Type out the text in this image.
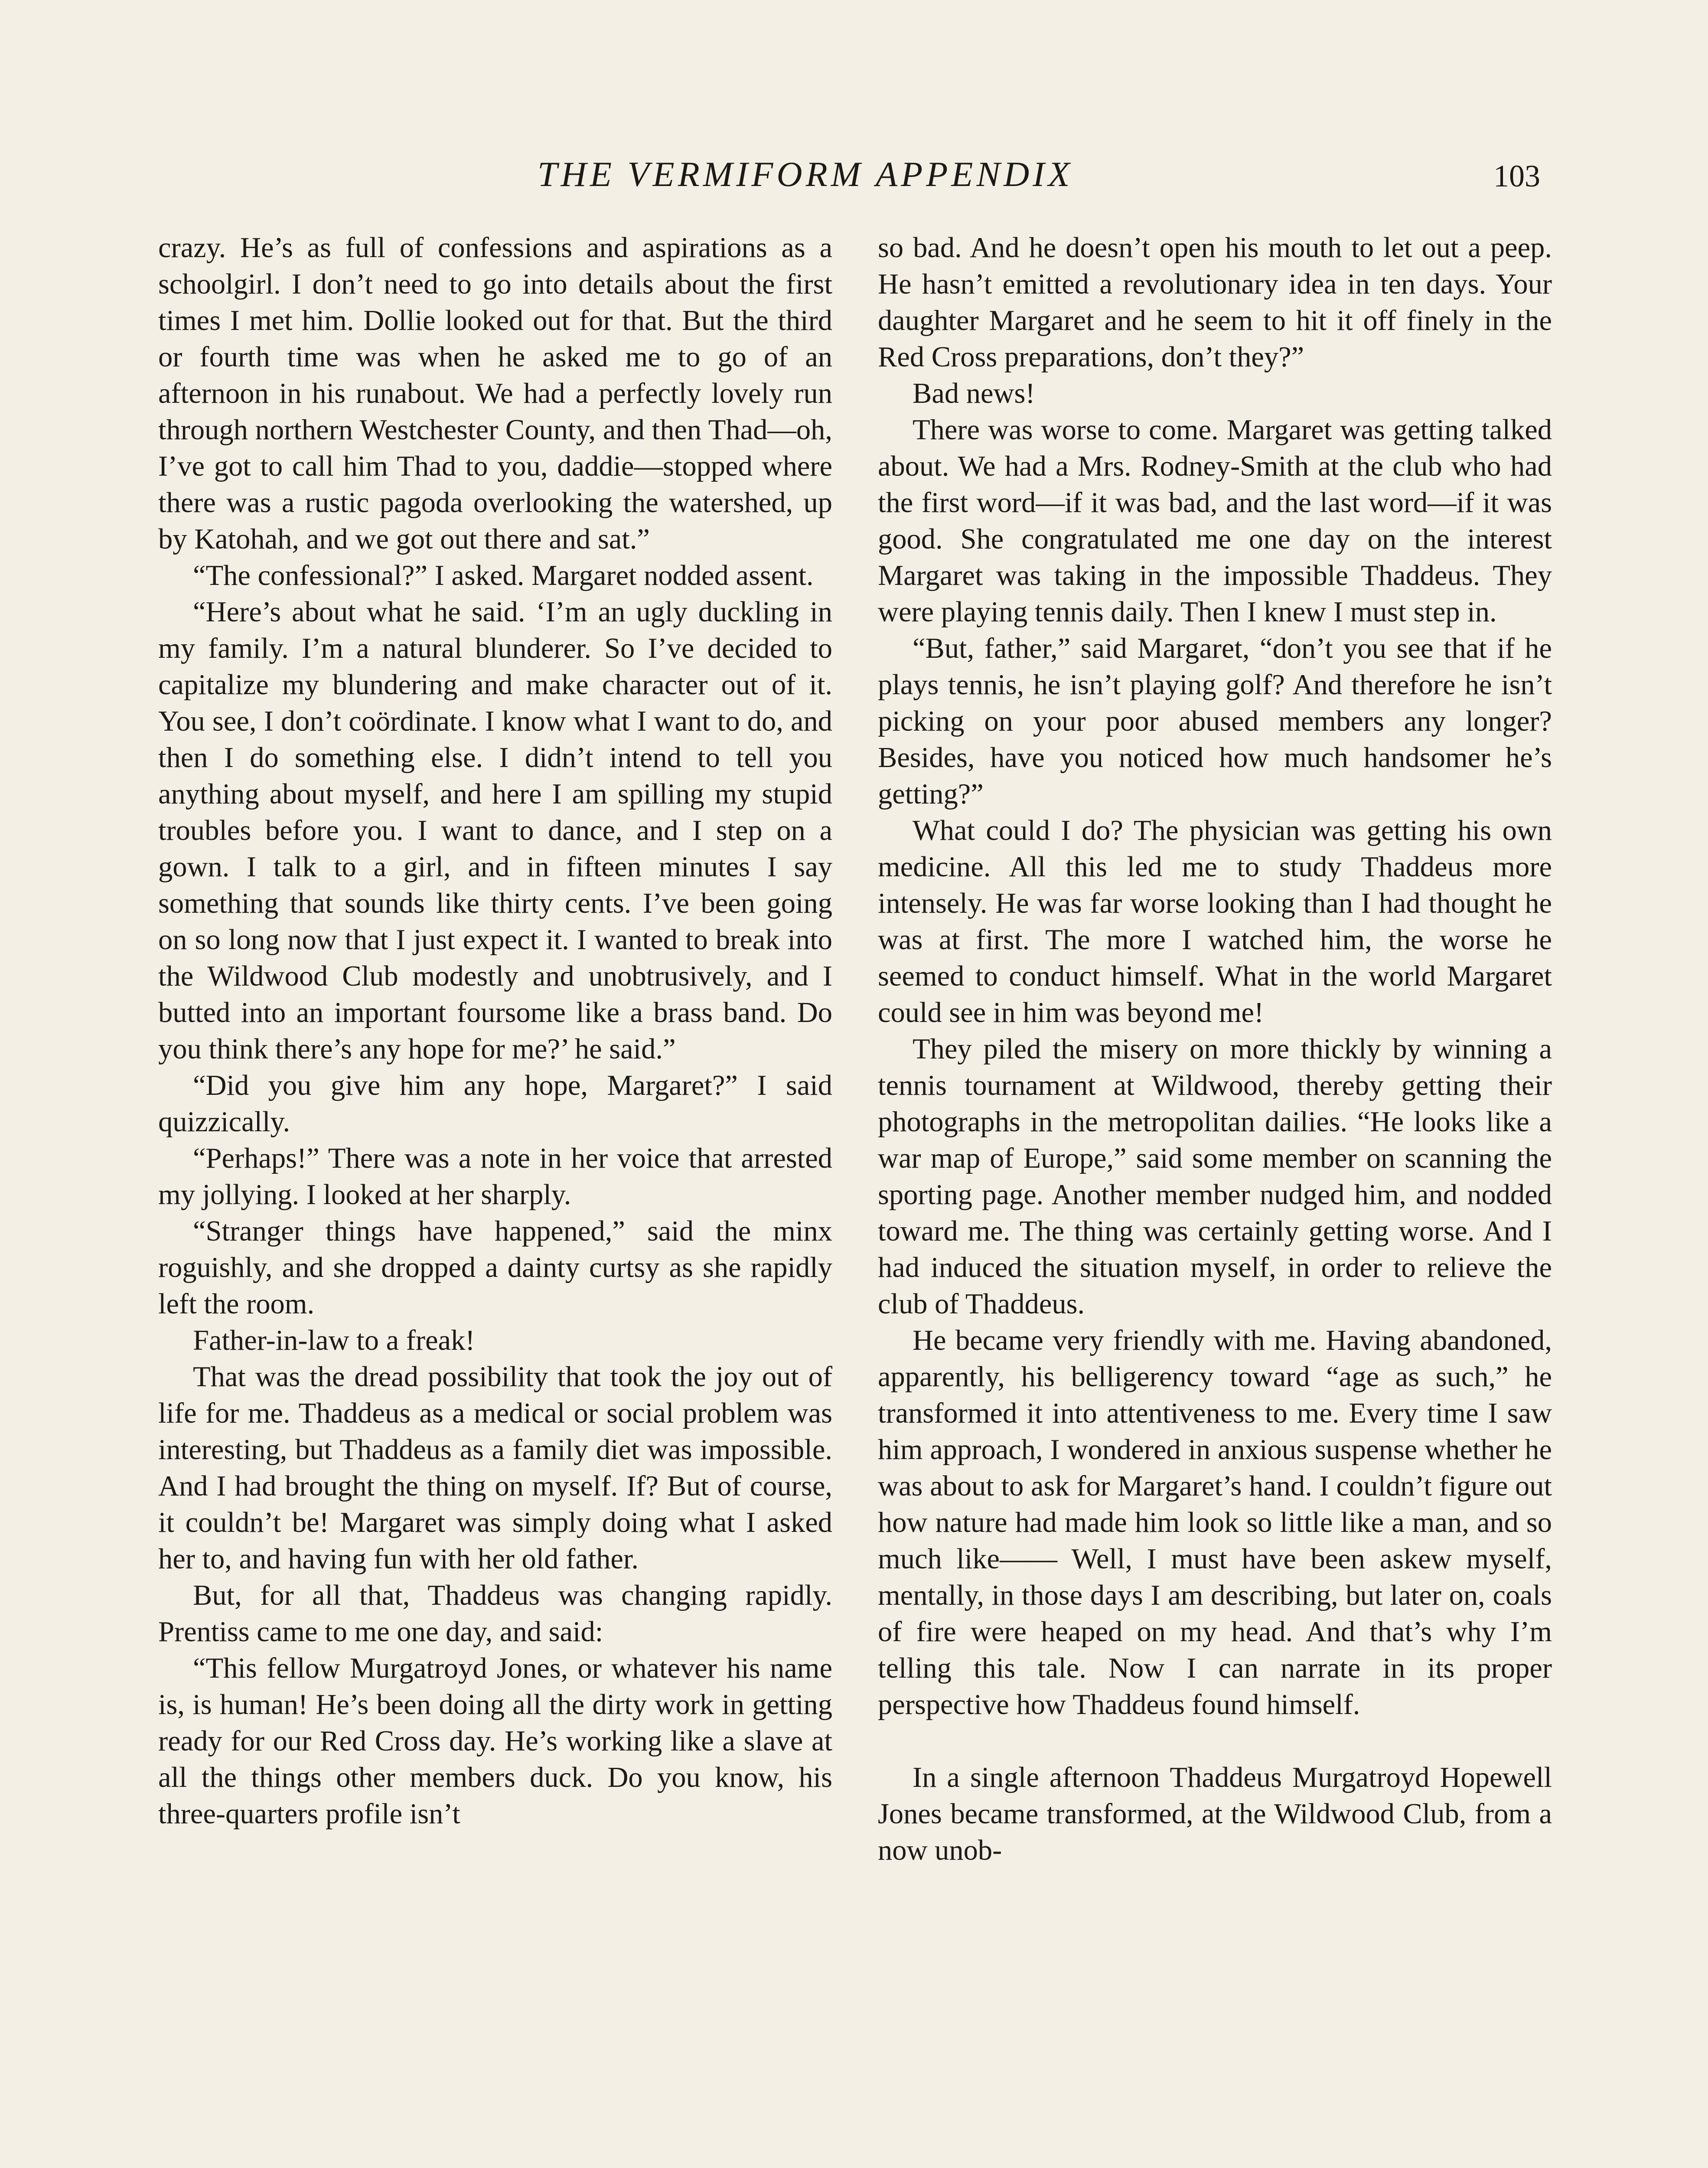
THE VERMIFORM APPENDIX	103

crazy. He’s as full of confessions and aspirations as a schoolgirl. I don’t need to go into details about the first times I met him. Dollie looked out for that. But the third or fourth time was when he asked me to go of an afternoon in his runabout. We had a perfectly lovely run through northern Westchester County, and then Thad—oh, I’ve got to call him Thad to you, daddie—stopped where there was a rustic pagoda overlooking the watershed, up by Katohah, and we got out there and sat.”

“The confessional?” I asked. Margaret nodded assent.

“Here’s about what he said. ‘I’m an ugly duckling in my family. I’m a natural blunderer. So I’ve decided to capitalize my blundering and make character out of it. You see, I don’t coördinate. I know what I want to do, and then I do something else. I didn’t intend to tell you anything about myself, and here I am spilling my stupid troubles before you. I want to dance, and I step on a gown. I talk to a girl, and in fifteen minutes I say something that sounds like thirty cents. I’ve been going on so long now that I just expect it. I wanted to break into the Wildwood Club modestly and unobtrusively, and I butted into an important foursome like a brass band. Do you think there’s any hope for me?’ he said.”

“Did you give him any hope, Margaret?” I said quizzically.

“Perhaps!” There was a note in her voice that arrested my jollying. I looked at her sharply.

“Stranger things have happened,” said the minx roguishly, and she dropped a dainty curtsy as she rapidly left the room.

Father-in-law to a freak!

That was the dread possibility that took the joy out of life for me. Thaddeus as a medical or social problem was interesting, but Thaddeus as a family diet was impossible. And I had brought the thing on myself. If? But of course, it couldn’t be! Margaret was simply doing what I asked her to, and having fun with her old father.

But, for all that, Thaddeus was changing rapidly. Prentiss came to me one day, and said:

“This fellow Murgatroyd Jones, or whatever his name is, is human! He’s been doing all the dirty work in getting ready for our Red Cross day. He’s working like a slave at all the things other members duck. Do you know, his three-quarters profile isn’t

so bad. And he doesn’t open his mouth to let out a peep. He hasn’t emitted a revolutionary idea in ten days. Your daughter Margaret and he seem to hit it off finely in the Red Cross preparations, don’t they?”

Bad news!

There was worse to come. Margaret was getting talked about. We had a Mrs. Rodney-Smith at the club who had the first word—if it was bad, and the last word—if it was good. She congratulated me one day on the interest Margaret was taking in the impossible Thaddeus. They were playing tennis daily. Then I knew I must step in.

“But, father,” said Margaret, “don’t you see that if he plays tennis, he isn’t playing golf? And therefore he isn’t picking on your poor abused members any longer? Besides, have you noticed how much handsomer he’s getting?”

What could I do? The physician was getting his own medicine. All this led me to study Thaddeus more intensely. He was far worse looking than I had thought he was at first. The more I watched him, the worse he seemed to conduct himself. What in the world Margaret could see in him was beyond me!

They piled the misery on more thickly by winning a tennis tournament at Wildwood, thereby getting their photographs in the metropolitan dailies. “He looks like a war map of Europe,” said some member on scanning the sporting page. Another member nudged him, and nodded toward me. The thing was certainly getting worse. And I had induced the situation myself, in order to relieve the club of Thaddeus.

He became very friendly with me. Having abandoned, apparently, his belligerency toward “age as such,” he transformed it into attentiveness to me. Every time I saw him approach, I wondered in anxious suspense whether he was about to ask for Margaret’s hand. I couldn’t figure out how nature had made him look so little like a man, and so much like—— Well, I must have been askew myself, mentally, in those days I am describing, but later on, coals of fire were heaped on my head. And that’s why I’m telling this tale. Now I can narrate in its proper perspective how Thaddeus found himself.

In a single afternoon Thaddeus Murgatroyd Hopewell Jones became transformed, at the Wildwood Club, from a now unob-
